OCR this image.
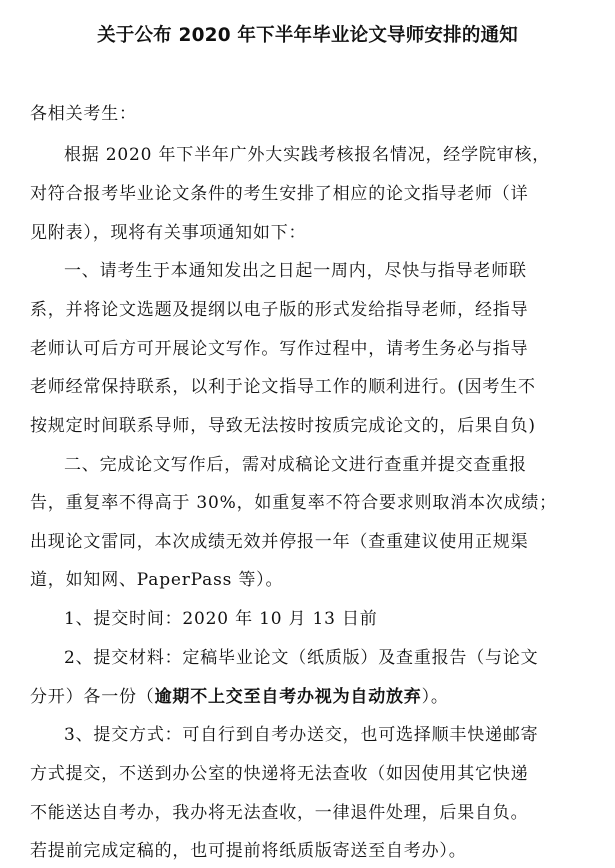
关于公布 2020 年下半年毕业论文导师安排的通知
各相关考生：
根据 2020 年下半年广外大实践考核报名情况，经学院审核，
对符合报考毕业论文条件的考生安排了相应的论文指导老师（详
见附表），现将有关事项通知如下：
一、请考生于本通知发出之日起一周内，尽快与指导老师联
系，并将论文选题及提纲以电子版的形式发给指导老师，经指导
老师认可后方可开展论文写作。写作过程中，请考生务必与指导
老师经常保持联系，以利于论文指导工作的顺利进行。(因考生不
按规定时间联系导师，导致无法按时按质完成论文的，后果自负)
二、完成论文写作后，需对成稿论文进行查重并提交查重报
告，重复率不得高于 30%，如重复率不符合要求则取消本次成绩；
出现论文雷同，本次成绩无效并停报一年（查重建议使用正规渠
道，如知网、PaperPass 等）。
1、提交时间：2020 年 10 月 13 日前
2、提交材料：定稿毕业论文（纸质版）及查重报告（与论文
分开）各一份（逾期不上交至自考办视为自动放弃）。
3、提交方式：可自行到自考办送交，也可选择顺丰快递邮寄
方式提交，不送到办公室的快递将无法查收（如因使用其它快递
不能送达自考办，我办将无法查收，一律退件处理，后果自负。
若提前完成定稿的，也可提前将纸质版寄送至自考办）。
